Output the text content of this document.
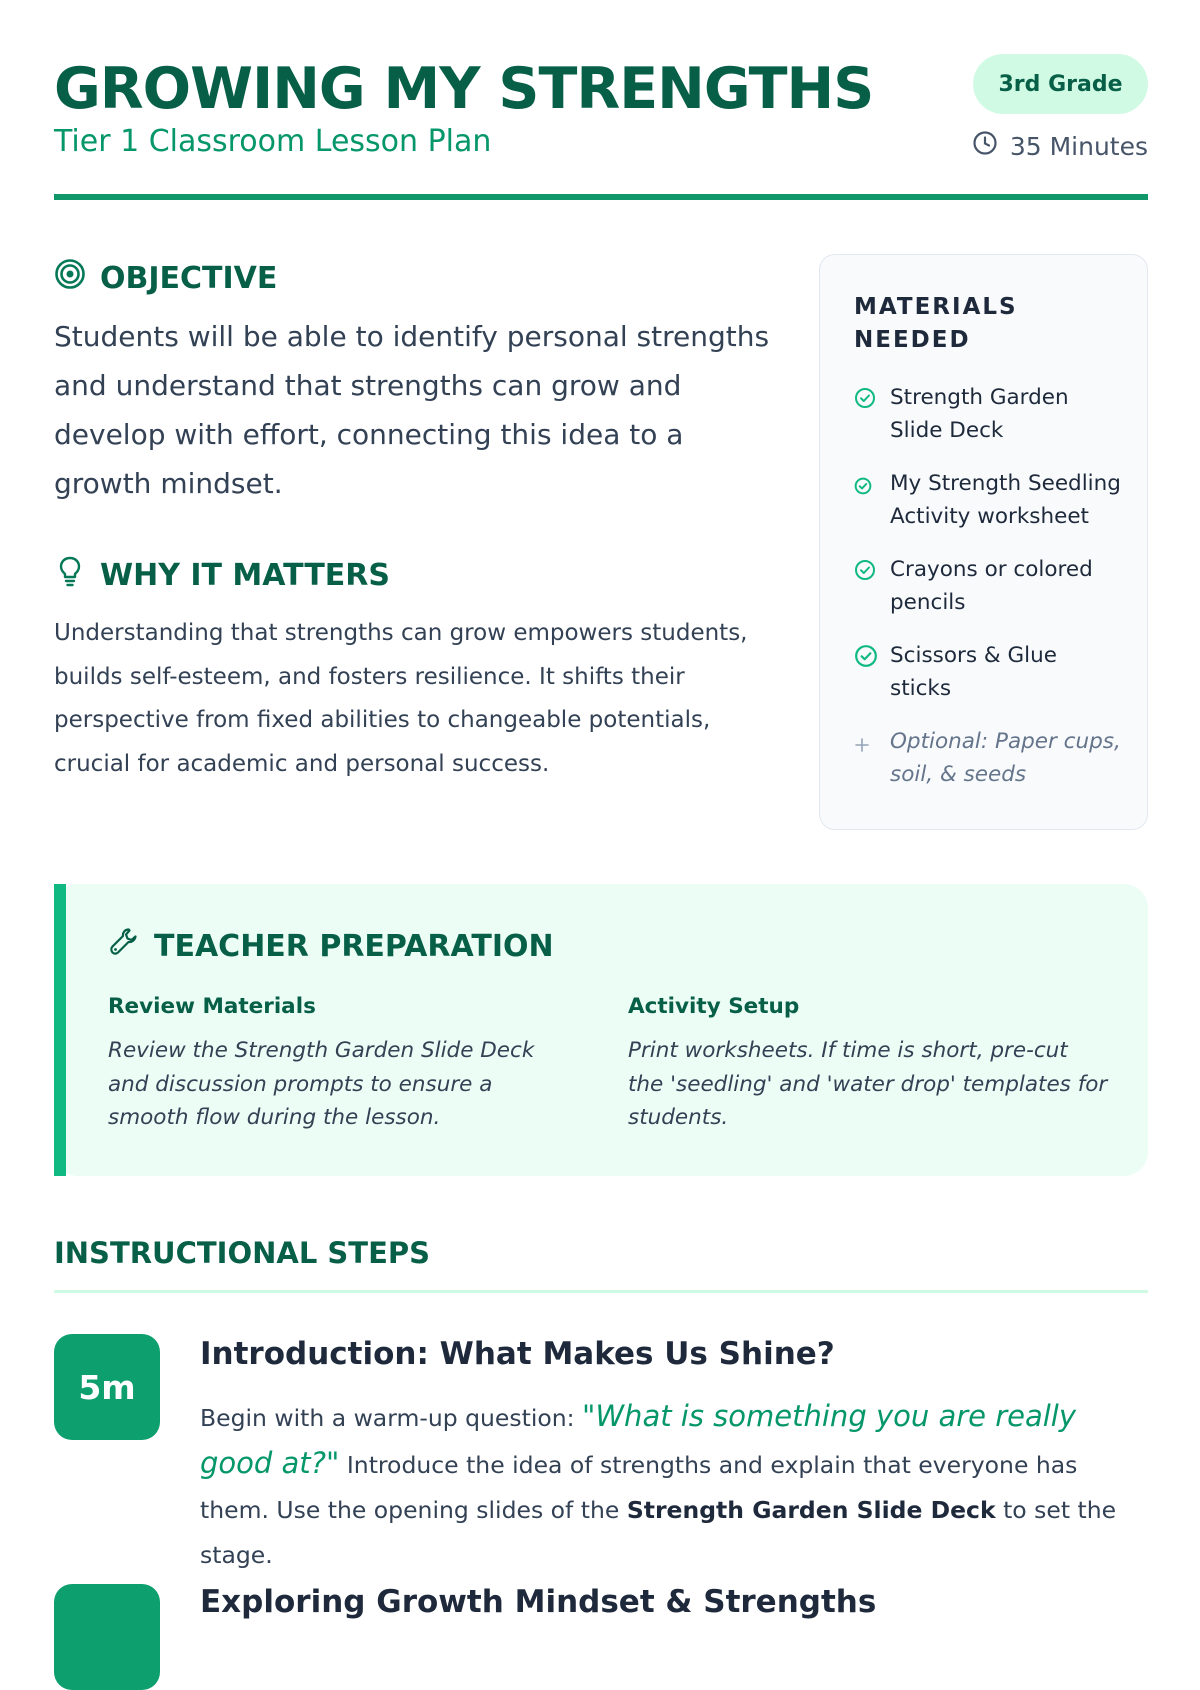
GROWING MY STRENGTHS
Tier 1 Classroom Lesson Plan
3rd Grade
35 Minutes
OBJECTIVE
Students will be able to identify personal strengths and understand that strengths can grow and develop with effort, connecting this idea to a growth mindset.
WHY IT MATTERS
Understanding that strengths can grow empowers students, builds self-esteem, and fosters resilience. It shifts their perspective from fixed abilities to changeable potentials, crucial for academic and personal success.
MATERIALS NEEDED
Strength Garden Slide Deck
My Strength Seedling Activity worksheet
Crayons or colored pencils
Scissors & Glue sticks
Optional: Paper cups, soil, & seeds
TEACHER PREPARATION
Review Materials
Review the Strength Garden Slide Deck and discussion prompts to ensure a smooth flow during the lesson.
Activity Setup
Print worksheets. If time is short, pre-cut the 'seedling' and 'water drop' templates for students.
INSTRUCTIONAL STEPS
5m
Introduction: What Makes Us Shine?
Begin with a warm-up question: "What is something you are really good at?" Introduce the idea of strengths and explain that everyone has them. Use the opening slides of the Strength Garden Slide Deck to set the stage.
Exploring Growth Mindset & Strengths
